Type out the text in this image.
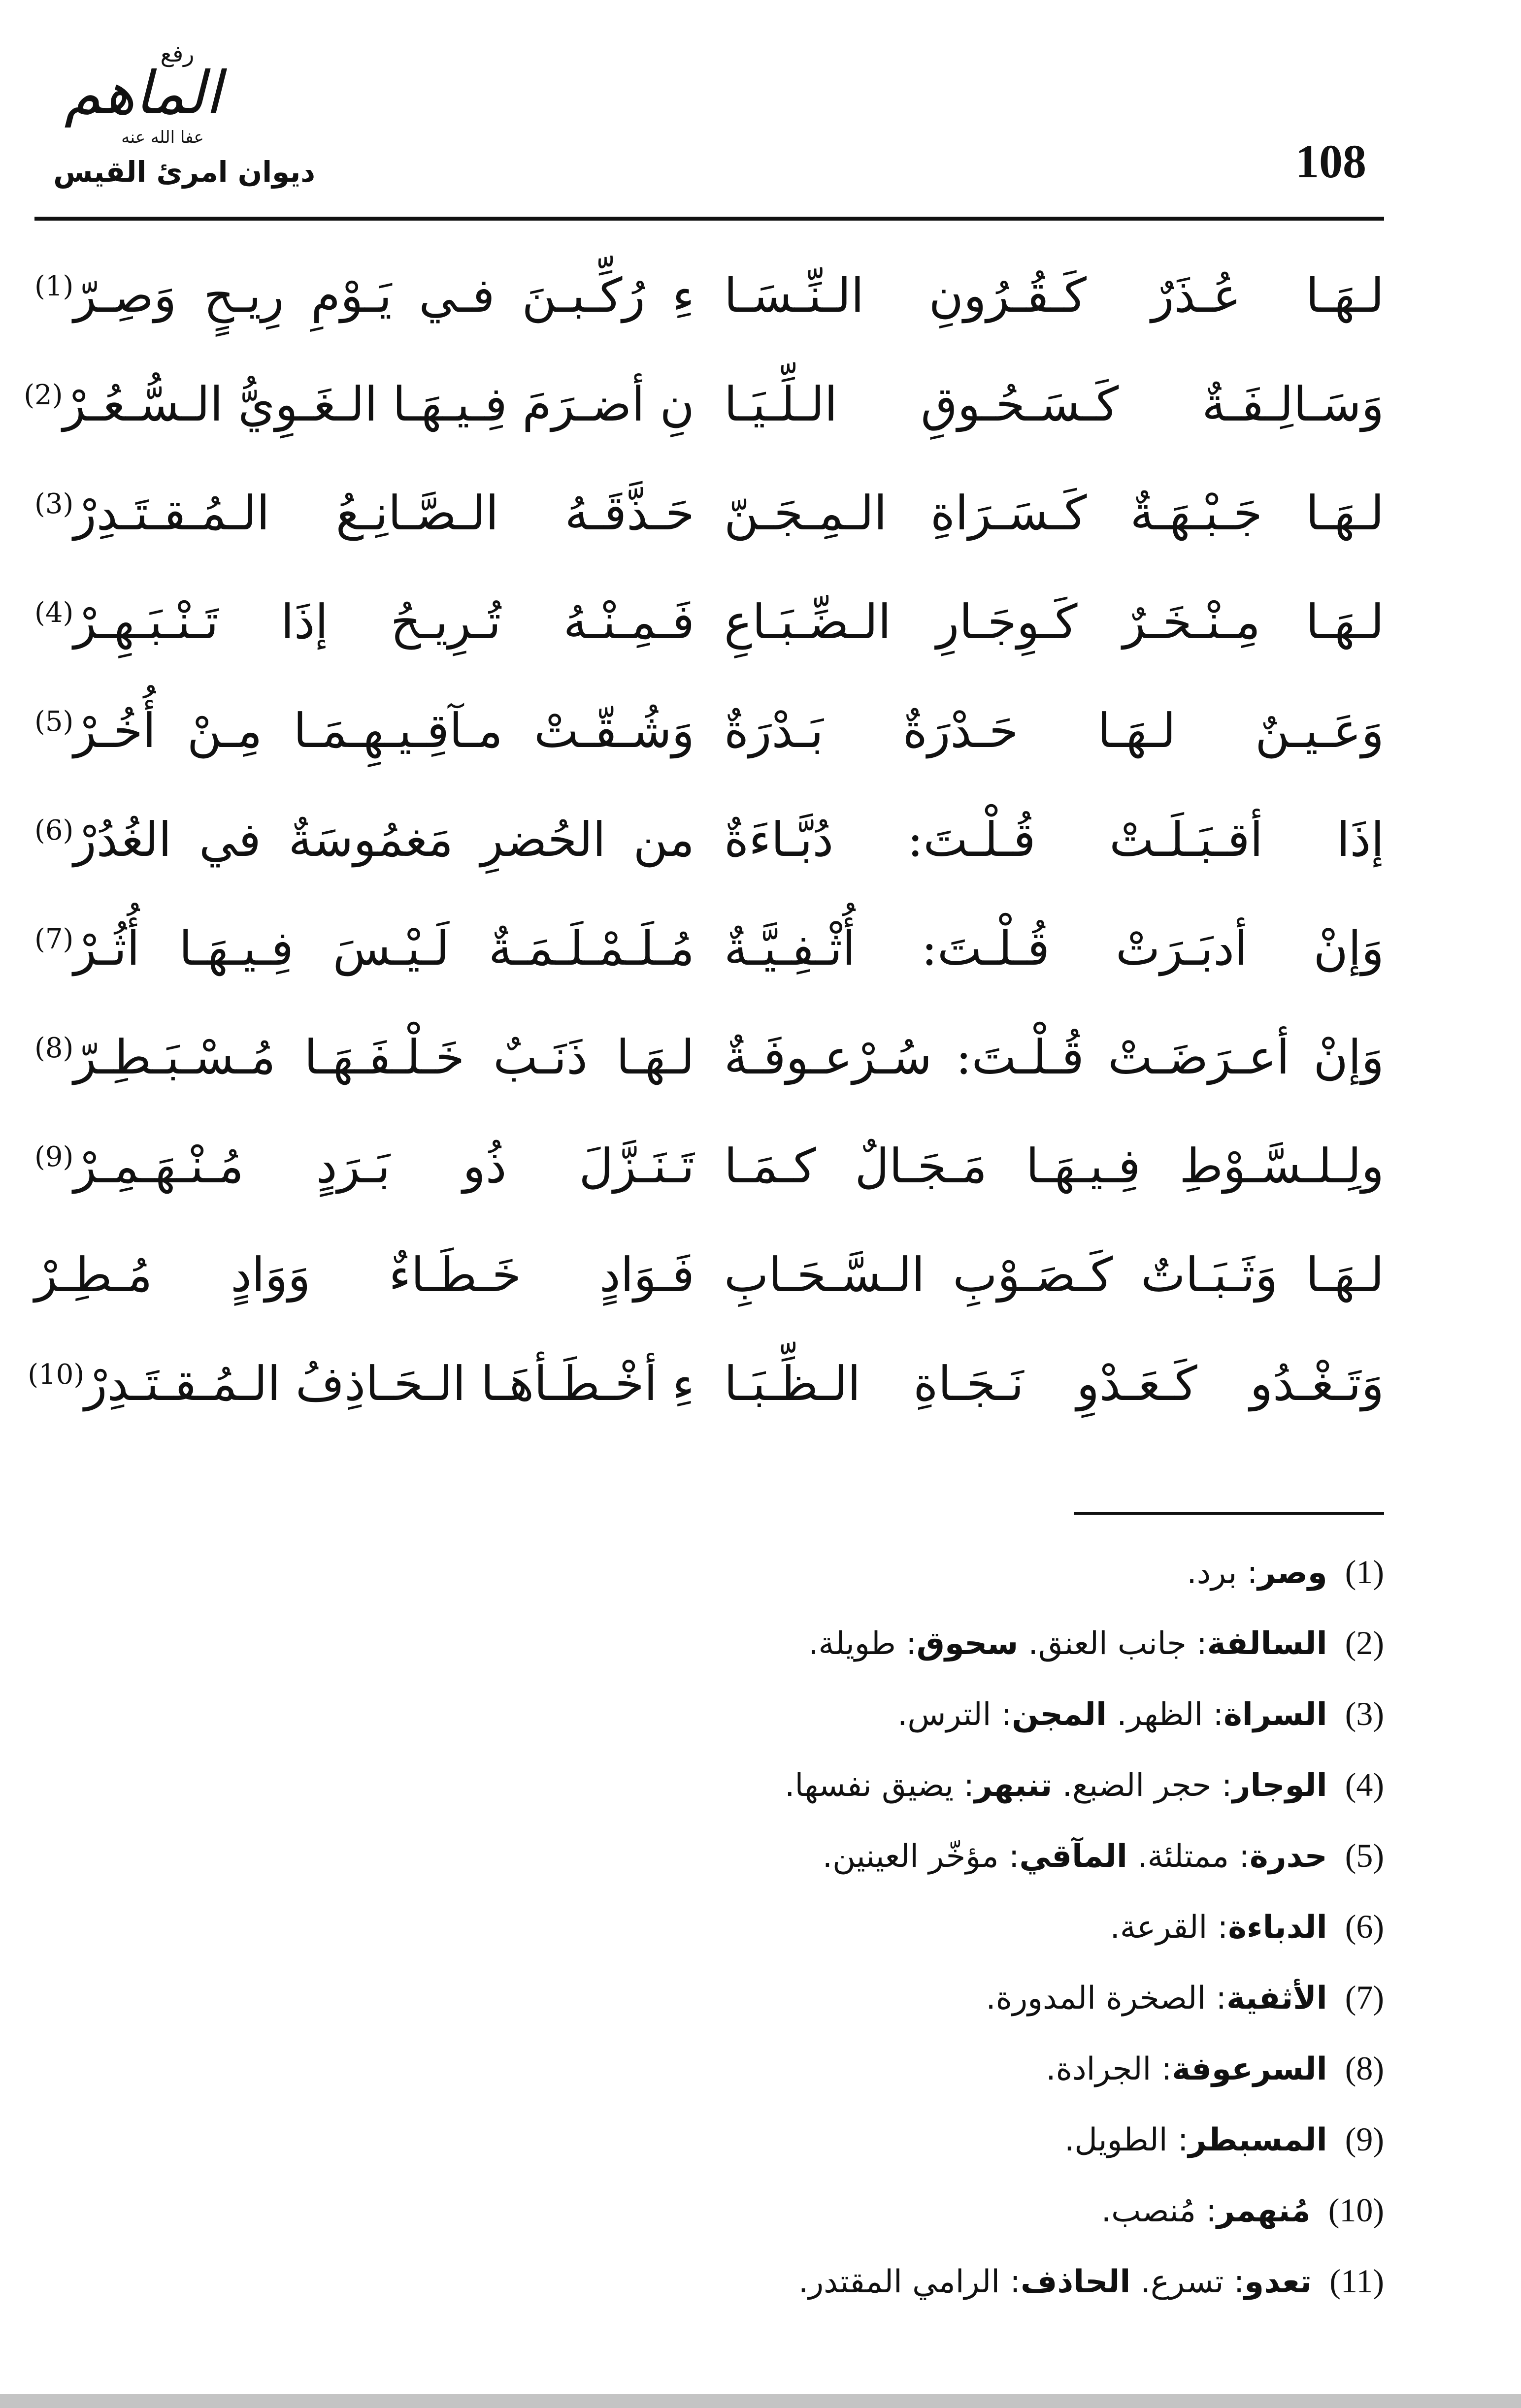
108
رفع
الماهم
عفا الله عنه
ديوان امرئ القيس
لـهَـا عُـذَرٌ كَـقُـرُونِ الـنِّـسَـا
ءِ رُكِّـبـنَ فـي يَـوْمِ رِيـحٍ وَصِـرّ$^{(1)}$
وَسَـالِـفَـةٌ كَـسَـحُـوقِ الـلِّـيَـا
نِ أضـرَمَ فِـيـهَـا الـغَـوِيُّ الـسُّـعُـرْ$^{(2)}$
لـهَـا جَـبْـهَـةٌ كَـسَـرَاةِ الـمِـجَـنّ
حَـذَّقَـهُ الـصَّـانِـعُ الـمُـقـتَـدِرْ$^{(3)}$
لـهَـا مِـنْـخَـرٌ كَـوِجَـارِ الـضِّـبَـاعِ
فَـمِـنْـهُ تُـرِيـحُ إذَا تَـنْـبَـهِـرْ$^{(4)}$
وَعَـيـنٌ لـهَـا حَـدْرَةٌ بَـدْرَةٌ
وَشُـقّـتْ مـآقِـيـهِـمَـا مِـنْ أُخُـرْ$^{(5)}$
إذَا أقـبَـلَـتْ قُـلْـتَ: دُبَّـاءَةٌ
من الحُضرِ مَغمُوسَةٌ في الغُدُرْ$^{(6)}$
وَإنْ أدبَـرَتْ قُـلْـتَ: أُثْـفِـيَّـةٌ
مُـلَـمْـلَـمَـةٌ لَـيْـسَ فِـيـهَـا أُثُـرْ$^{(7)}$
وَإنْ أعـرَضَـتْ قُـلْـتَ: سُـرْعـوفَـةٌ
لـهَـا ذَنَـبٌ خَـلْـفَـهَـا مُـسْـبَـطِـرّ$^{(8)}$
ولِـلـسَّـوْطِ فِـيـهَـا مَـجَـالٌ كـمَـا
تَـنَـزَّلَ ذُو بَـرَدٍ مُـنْـهَـمِـرْ$^{(9)}$
لـهَـا وَثَـبَـاتٌ كَـصَـوْبِ الـسَّـحَـابِ
فَـوَادٍ خَـطَـاءٌ وَوَادٍ مُـطِـرْ
وَتَـغْـدُو كَـعَـدْوِ نَـجَـاةِ الـظِّـبَـا
ءِ أخْـطَـأهَـا الـحَـاذِفُ الـمُـقـتَـدِرْ$^{(10)}$
(1)وصر: برد.
(2)السالفة: جانب العنق. سحوق: طويلة.
(3)السراة: الظهر. المجن: الترس.
(4)الوجار: حجر الضبع. تنبهر: يضيق نفسها.
(5)حدرة: ممتلئة. المآقي: مؤخّر العينين.
(6)الدباءة: القرعة.
(7)الأثفية: الصخرة المدورة.
(8)السرعوفة: الجرادة.
(9)المسبطر: الطويل.
(10)مُنهمر: مُنصب.
(11)تعدو: تسرع. الحاذف: الرامي المقتدر.
